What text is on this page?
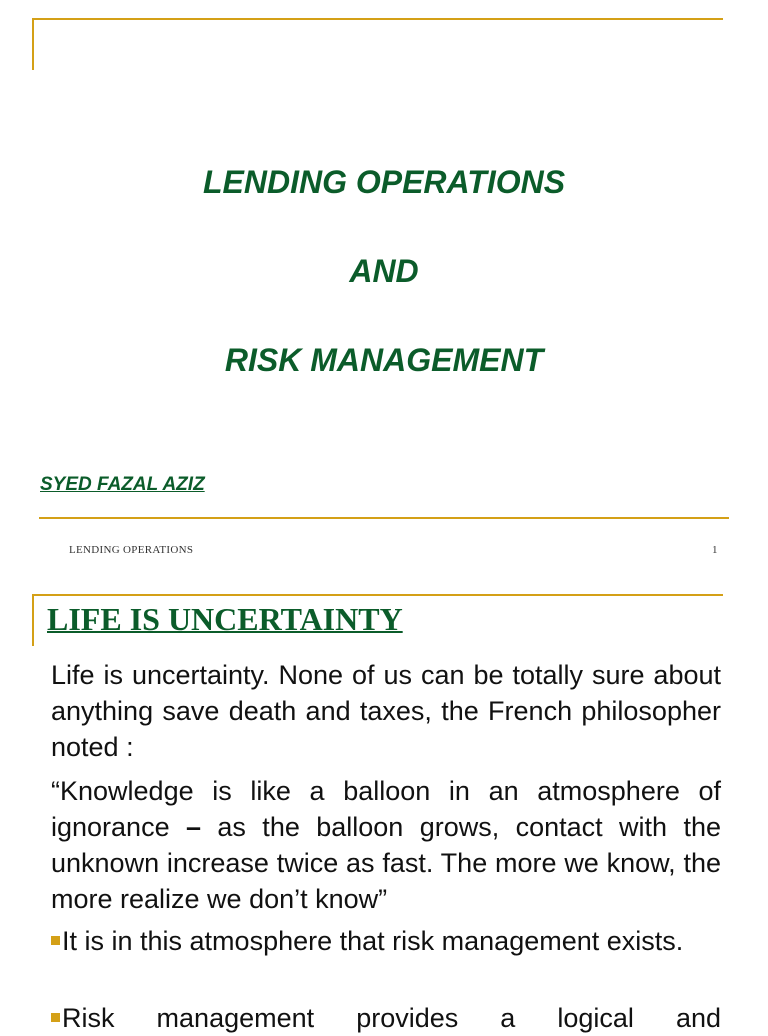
LENDING OPERATIONS
AND
RISK MANAGEMENT
SYED FAZAL AZIZ
LENDING OPERATIONS	1
LIFE IS UNCERTAINTY
Life is uncertainty. None of us can be totally sure about anything save death and taxes, the French philosopher noted :
“Knowledge is like a balloon in an atmosphere of ignorance – as the balloon grows, contact with the unknown increase twice as fast. The more we know, the more realize we don’t know”
It is in this atmosphere that risk management exists.
Risk management provides a logical and
